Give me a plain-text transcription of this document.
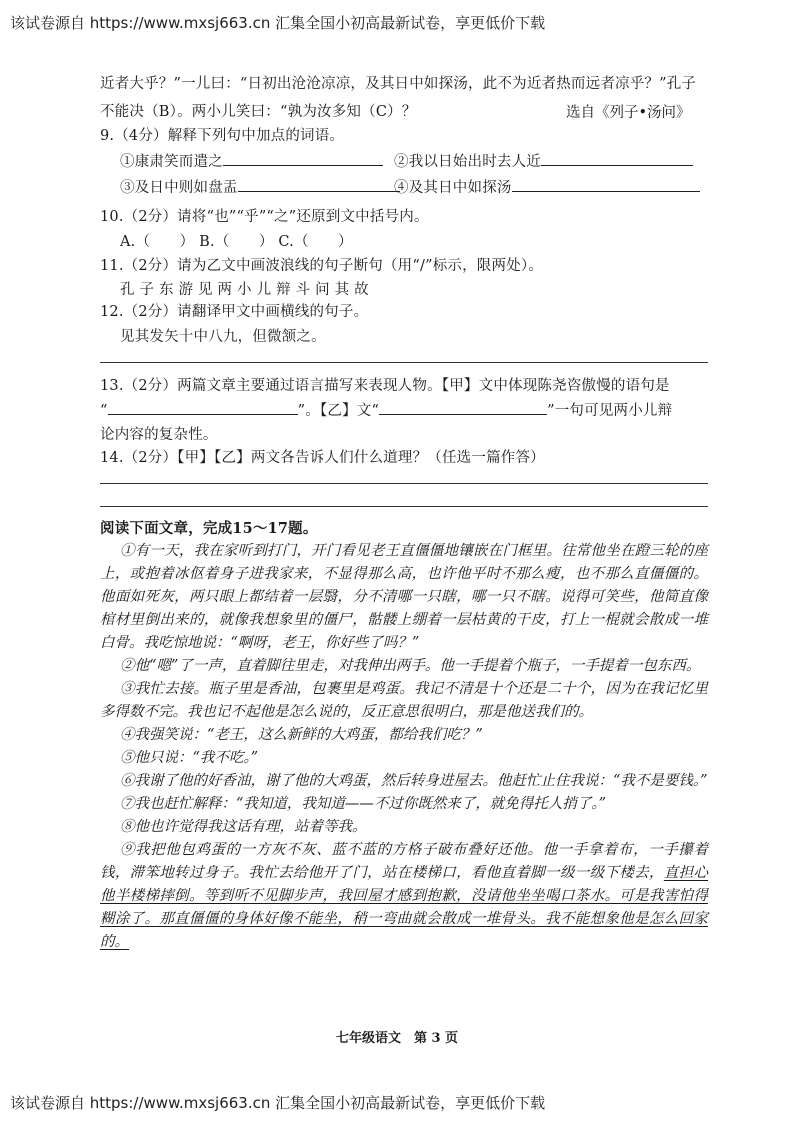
该试卷源自 https://www.mxsj663.cn 汇集全国小初高最新试卷，享更低价下载
近者大乎？”一儿曰：“日初出沧沧凉凉，及其日中如探汤，此不为近者热而远者凉乎？”孔子
不能决（B）。两小儿笑曰：“孰为汝多知（C）？	选自《列子•汤问》
9.（4分）解释下列句中加点的词语。
①康肃笑而遣之	②我以日始出时去人近
③及日中则如盘盂	④及其日中如探汤
10.（2分）请将“也”“乎”“之”还原到文中括号内。
A.（　　） B.（　　） C.（　　）
11.（2分）请为乙文中画波浪线的句子断句（用“/”标示，限两处）。
孔 子 东 游 见 两 小 儿 辩 斗 问 其 故
12.（2分）请翻译甲文中画横线的句子。
见其发矢十中八九，但微颔之。
13.（2分）两篇文章主要通过语言描写来表现人物。【甲】文中体现陈尧咨傲慢的语句是
“	”。【乙】文“	”一句可见两小儿辩
论内容的复杂性。
14.（2分）【甲】【乙】两文各告诉人们什么道理？（任选一篇作答）
阅读下面文章，完成15～17题。
①有一天，我在家听到打门，开门看见老王直僵僵地镶嵌在门框里。往常他坐在蹬三轮的座上，或抱着冰伛着身子进我家来，不显得那么高，也许他平时不那么瘦，也不那么直僵僵的。他面如死灰，两只眼上都结着一层翳，分不清哪一只瞎，哪一只不瞎。说得可笑些，他简直像棺材里倒出来的，就像我想象里的僵尸，骷髅上绷着一层枯黄的干皮，打上一棍就会散成一堆白骨。我吃惊地说：“啊呀，老王，你好些了吗？”
②他“嗯”了一声，直着脚往里走，对我伸出两手。他一手提着个瓶子，一手提着一包东西。
③我忙去接。瓶子里是香油，包裹里是鸡蛋。我记不清是十个还是二十个，因为在我记忆里多得数不完。我也记不起他是怎么说的，反正意思很明白，那是他送我们的。
④我强笑说：“老王，这么新鲜的大鸡蛋，都给我们吃？”
⑤他只说：“我不吃。”
⑥我谢了他的好香油，谢了他的大鸡蛋，然后转身进屋去。他赶忙止住我说：“我不是要钱。”
⑦我也赶忙解释：“我知道，我知道——不过你既然来了，就免得托人捎了。”
⑧他也许觉得我这话有理，站着等我。
⑨我把他包鸡蛋的一方灰不灰、蓝不蓝的方格子破布叠好还他。他一手拿着布，一手攥着钱，滞笨地转过身子。我忙去给他开了门，站在楼梯口，看他直着脚一级一级下楼去，直担心他半楼梯摔倒。等到听不见脚步声，我回屋才感到抱歉，没请他坐坐喝口茶水。可是我害怕得糊涂了。那直僵僵的身体好像不能坐，稍一弯曲就会散成一堆骨头。我不能想象他是怎么回家的。
七年级语文　第 3 页
该试卷源自 https://www.mxsj663.cn 汇集全国小初高最新试卷，享更低价下载
